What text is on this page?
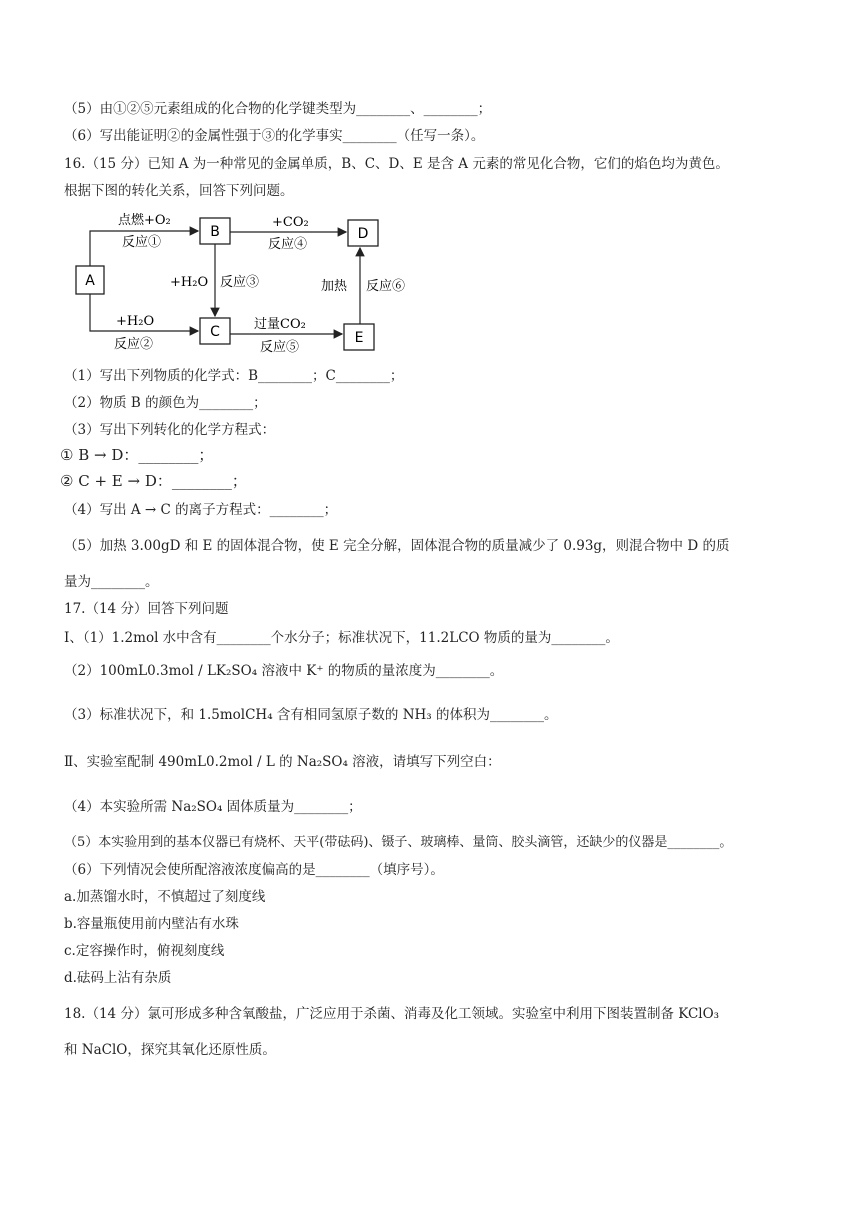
（5）由①②⑤元素组成的化合物的化学键类型为________、________；
（6）写出能证明②的金属性强于③的化学事实________（任写一条）。
16.（15 分）已知 A 为一种常见的金属单质，B、C、D、E 是含 A 元素的常见化合物，它们的焰色均为黄色。
根据下图的转化关系，回答下列问题。
A
B
C
D
E
点燃+O₂
反应①
+CO₂
反应④
+H₂O 反应③	加热 反应⑥
+H₂O
反应②
过量CO₂
反应⑤
（1）写出下列物质的化学式：B________；C________；
（2）物质 B 的颜色为________；
（3）写出下列转化的化学方程式：
① B → D：________；
② C + E → D：________；
（4）写出 A → C 的离子方程式：________；
（5）加热 3.00gD 和 E 的固体混合物，使 E 完全分解，固体混合物的质量减少了 0.93g，则混合物中 D 的质
量为________。
17.（14 分）回答下列问题
Ⅰ、（1）1.2mol 水中含有________个水分子；标准状况下，11.2LCO 物质的量为________。
（2）100mL0.3mol / LK₂SO₄ 溶液中 K⁺ 的物质的量浓度为________。
（3）标准状况下，和 1.5molCH₄ 含有相同氢原子数的 NH₃ 的体积为________。
Ⅱ、实验室配制 490mL0.2mol / L 的 Na₂SO₄ 溶液，请填写下列空白：
（4）本实验所需 Na₂SO₄ 固体质量为________；
（5）本实验用到的基本仪器已有烧杯、天平(带砝码)、镊子、玻璃棒、量筒、胶头滴管，还缺少的仪器是________。
（6）下列情况会使所配溶液浓度偏高的是________（填序号）。
a.加蒸馏水时，不慎超过了刻度线
b.容量瓶使用前内壁沾有水珠
c.定容操作时，俯视刻度线
d.砝码上沾有杂质
18.（14 分）氯可形成多种含氧酸盐，广泛应用于杀菌、消毒及化工领域。实验室中利用下图装置制备 KClO₃
和 NaClO，探究其氧化还原性质。
